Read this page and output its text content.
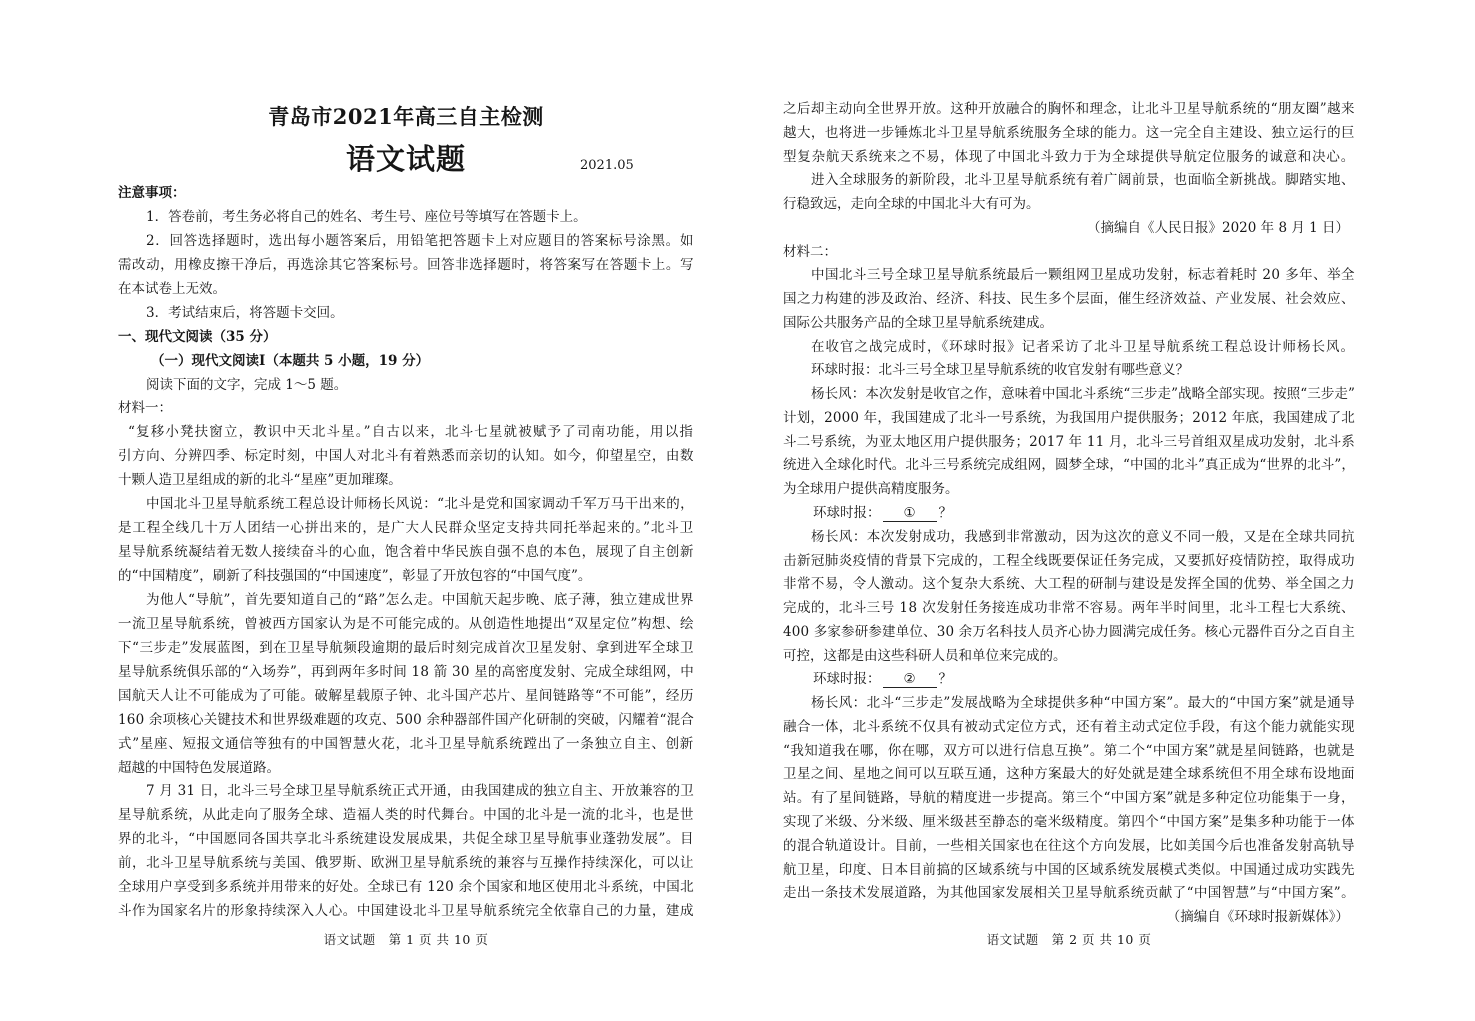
青岛市2021年高三自主检测
语文试题	2021.05
注意事项：
1．答卷前，考生务必将自己的姓名、考生号、座位号等填写在答题卡上。
2．回答选择题时，选出每小题答案后，用铅笔把答题卡上对应题目的答案标号涂黑。如
需改动，用橡皮擦干净后，再选涂其它答案标号。回答非选择题时，将答案写在答题卡上。写
在本试卷上无效。
3．考试结束后，将答题卡交回。
一、现代文阅读（35 分）
（一）现代文阅读Ⅰ（本题共 5 小题，19 分）
阅读下面的文字，完成 1～5 题。
材料一：
“复移小凳扶窗立，教识中天北斗星。”自古以来，北斗七星就被赋予了司南功能，用以指
引方向、分辨四季、标定时刻，中国人对北斗有着熟悉而亲切的认知。如今，仰望星空，由数
十颗人造卫星组成的新的北斗“星座”更加璀璨。
中国北斗卫星导航系统工程总设计师杨长风说：“北斗是党和国家调动千军万马干出来的，
是工程全线几十万人团结一心拼出来的，是广大人民群众坚定支持共同托举起来的。”北斗卫
星导航系统凝结着无数人接续奋斗的心血，饱含着中华民族自强不息的本色，展现了自主创新
的“中国精度”，刷新了科技强国的“中国速度”，彰显了开放包容的“中国气度”。
为他人“导航”，首先要知道自己的“路”怎么走。中国航天起步晚、底子薄，独立建成世界
一流卫星导航系统，曾被西方国家认为是不可能完成的。从创造性地提出“双星定位”构想、绘
下“三步走”发展蓝图，到在卫星导航频段逾期的最后时刻完成首次卫星发射、拿到进军全球卫
星导航系统俱乐部的“入场券”，再到两年多时间 18 箭 30 星的高密度发射、完成全球组网，中
国航天人让不可能成为了可能。破解星载原子钟、北斗国产芯片、星间链路等“不可能”，经历
160 余项核心关键技术和世界级难题的攻克、500 余种器部件国产化研制的突破，闪耀着“混合
式”星座、短报文通信等独有的中国智慧火花，北斗卫星导航系统蹚出了一条独立自主、创新
超越的中国特色发展道路。
7 月 31 日，北斗三号全球卫星导航系统正式开通，由我国建成的独立自主、开放兼容的卫
星导航系统，从此走向了服务全球、造福人类的时代舞台。中国的北斗是一流的北斗，也是世
界的北斗，“中国愿同各国共享北斗系统建设发展成果，共促全球卫星导航事业蓬勃发展”。目
前，北斗卫星导航系统与美国、俄罗斯、欧洲卫星导航系统的兼容与互操作持续深化，可以让
全球用户享受到多系统并用带来的好处。全球已有 120 余个国家和地区使用北斗系统，中国北
斗作为国家名片的形象持续深入人心。中国建设北斗卫星导航系统完全依靠自己的力量，建成
之后却主动向全世界开放。这种开放融合的胸怀和理念，让北斗卫星导航系统的“朋友圈”越来
越大，也将进一步锤炼北斗卫星导航系统服务全球的能力。这一完全自主建设、独立运行的巨
型复杂航天系统来之不易，体现了中国北斗致力于为全球提供导航定位服务的诚意和决心。
进入全球服务的新阶段，北斗卫星导航系统有着广阔前景，也面临全新挑战。脚踏实地、
行稳致远，走向全球的中国北斗大有可为。
（摘编自《人民日报》2020 年 8 月 1 日）
材料二：
中国北斗三号全球卫星导航系统最后一颗组网卫星成功发射，标志着耗时 20 多年、举全
国之力构建的涉及政治、经济、科技、民生多个层面，催生经济效益、产业发展、社会效应、
国际公共服务产品的全球卫星导航系统建成。
在收官之战完成时，《环球时报》记者采访了北斗卫星导航系统工程总设计师杨长风。
环球时报：北斗三号全球卫星导航系统的收官发射有哪些意义？
杨长风：本次发射是收官之作，意味着中国北斗系统“三步走”战略全部实现。按照“三步走”
计划，2000 年，我国建成了北斗一号系统，为我国用户提供服务；2012 年底，我国建成了北
斗二号系统，为亚太地区用户提供服务；2017 年 11 月，北斗三号首组双星成功发射，北斗系
统进入全球化时代。北斗三号系统完成组网，圆梦全球，“中国的北斗”真正成为“世界的北斗”，
为全球用户提供高精度服务。
环球时报： ① ？
杨长风：本次发射成功，我感到非常激动，因为这次的意义不同一般，又是在全球共同抗
击新冠肺炎疫情的背景下完成的，工程全线既要保证任务完成，又要抓好疫情防控，取得成功
非常不易，令人激动。这个复杂大系统、大工程的研制与建设是发挥全国的优势、举全国之力
完成的，北斗三号 18 次发射任务接连成功非常不容易。两年半时间里，北斗工程七大系统、
400 多家参研参建单位、30 余万名科技人员齐心协力圆满完成任务。核心元器件百分之百自主
可控，这都是由这些科研人员和单位来完成的。
环球时报： ② ？
杨长风：北斗“三步走”发展战略为全球提供多种“中国方案”。最大的“中国方案”就是通导
融合一体，北斗系统不仅具有被动式定位方式，还有着主动式定位手段，有这个能力就能实现
“我知道我在哪，你在哪，双方可以进行信息互换”。第二个“中国方案”就是星间链路，也就是
卫星之间、星地之间可以互联互通，这种方案最大的好处就是建全球系统但不用全球布设地面
站。有了星间链路，导航的精度进一步提高。第三个“中国方案”就是多种定位功能集于一身，
实现了米级、分米级、厘米级甚至静态的毫米级精度。第四个“中国方案”是集多种功能于一体
的混合轨道设计。目前，一些相关国家也在往这个方向发展，比如美国今后也准备发射高轨导
航卫星，印度、日本目前搞的区域系统与中国的区域系统发展模式类似。中国通过成功实践先
走出一条技术发展道路，为其他国家发展相关卫星导航系统贡献了“中国智慧”与“中国方案”。
（摘编自《环球时报新媒体》）
语文试题　第 1 页 共 10 页	语文试题　第 2 页 共 10 页
